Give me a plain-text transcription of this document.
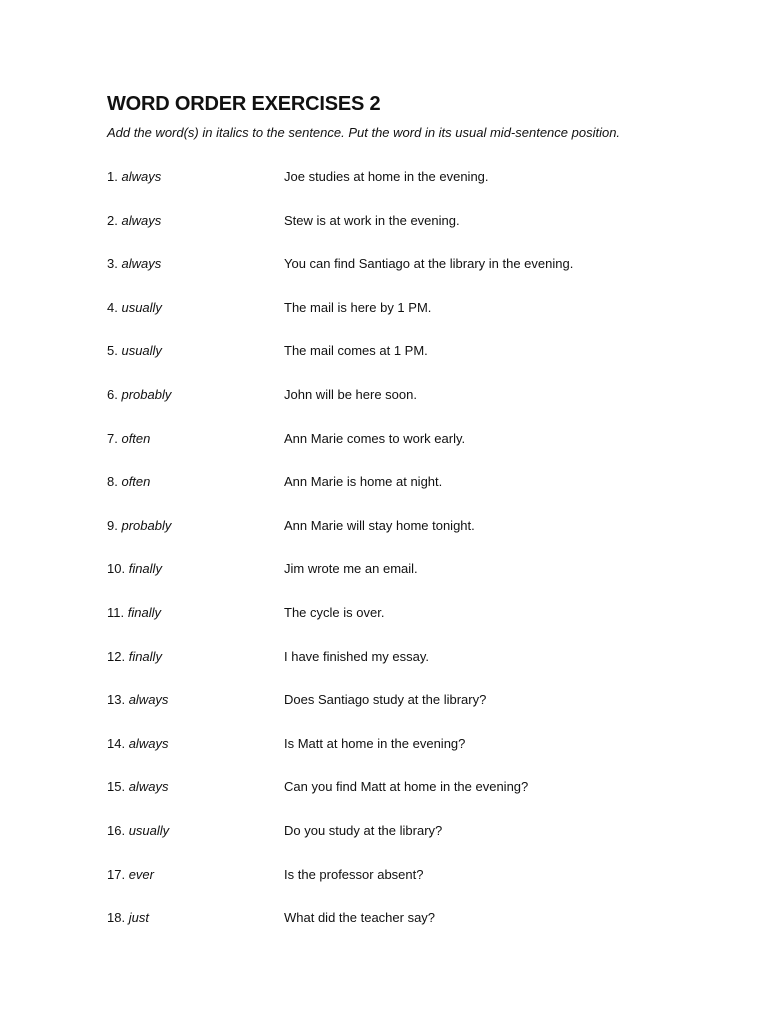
WORD ORDER EXERCISES 2
Add the word(s) in italics to the sentence. Put the word in its usual mid-sentence position.
1. always	Joe studies at home in the evening.
2. always	Stew is at work in the evening.
3. always	You can find Santiago at the library in the evening.
4. usually	The mail is here by 1 PM.
5. usually	The mail comes at 1 PM.
6. probably	John will be here soon.
7. often	Ann Marie comes to work early.
8. often	Ann Marie is home at night.
9. probably	Ann Marie will stay home tonight.
10. finally	Jim wrote me an email.
11. finally	The cycle is over.
12. finally	I have finished my essay.
13. always	Does Santiago study at the library?
14. always	Is Matt at home in the evening?
15. always	Can you find Matt at home in the evening?
16. usually	Do you study at the library?
17. ever	Is the professor absent?
18. just	What did the teacher say?
